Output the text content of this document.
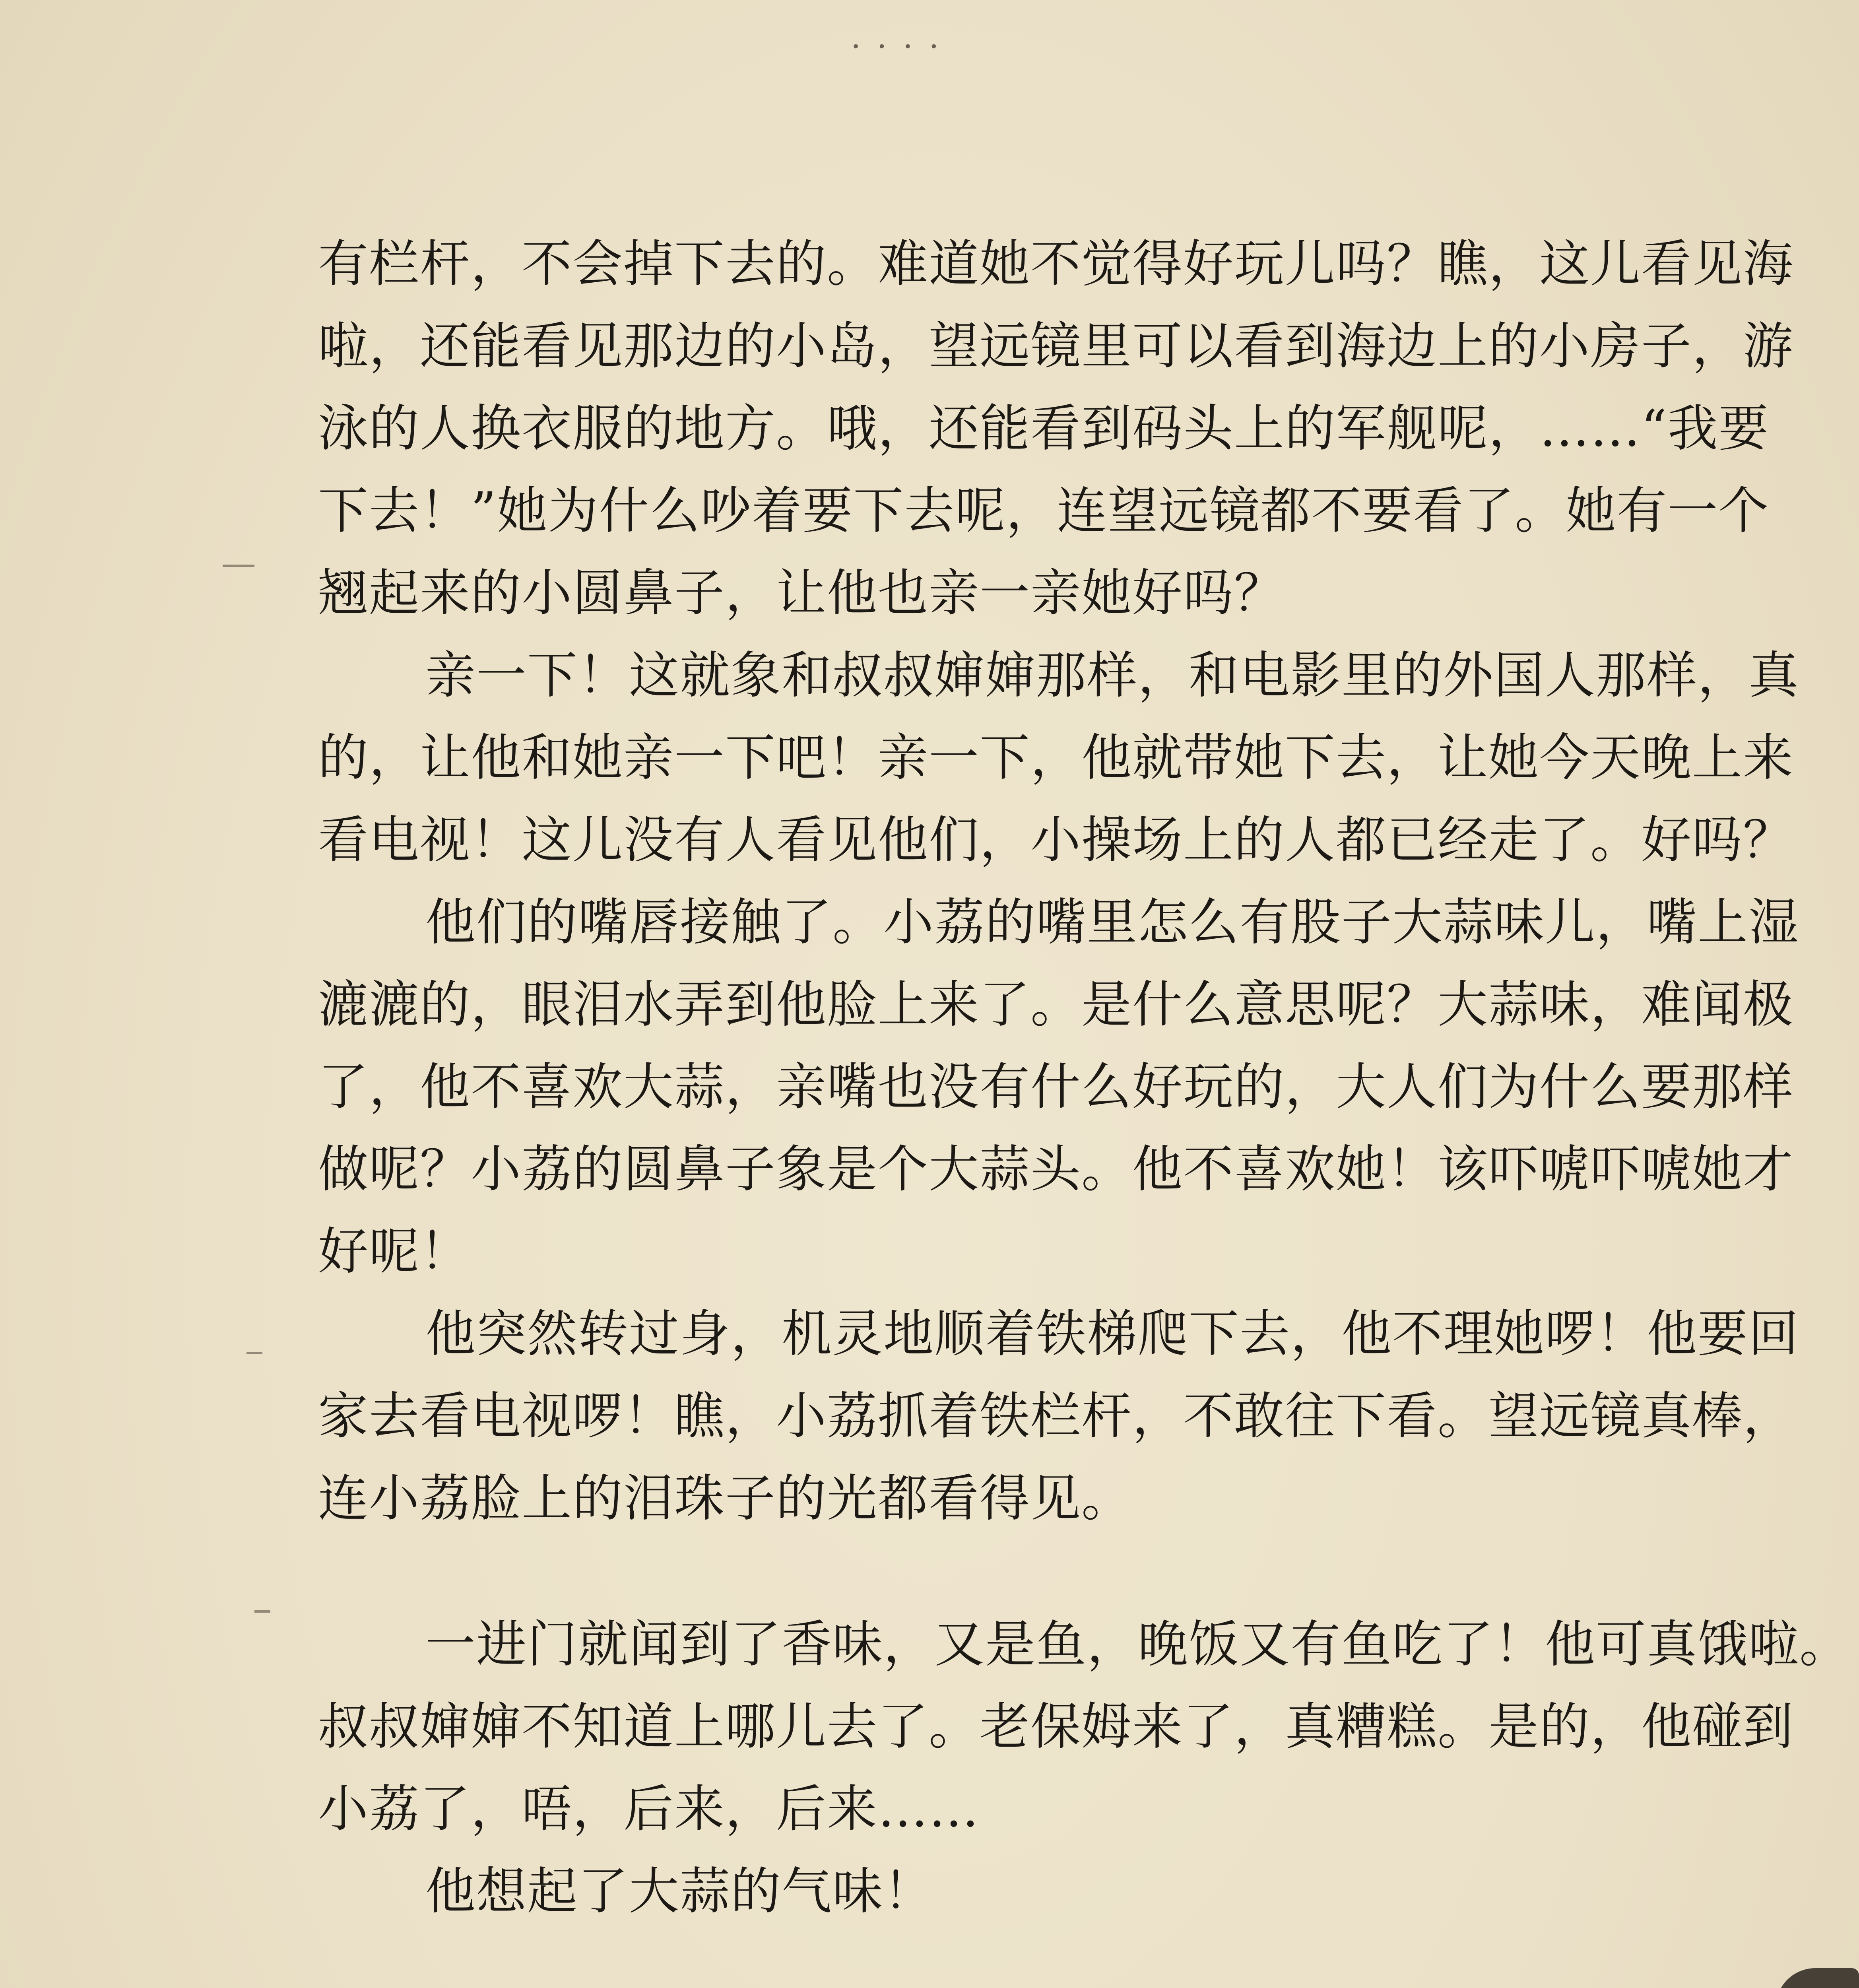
····

有栏杆，不会掉下去的。难道她不觉得好玩儿吗？瞧，这儿看见海
啦，还能看见那边的小岛，望远镜里可以看到海边上的小房子，游
泳的人换衣服的地方。哦，还能看到码头上的军舰呢，……“我要
下去！”她为什么吵着要下去呢，连望远镜都不要看了。她有一个
翘起来的小圆鼻子，让他也亲一亲她好吗？

亲一下！这就象和叔叔婶婶那样，和电影里的外国人那样，真
的，让他和她亲一下吧！亲一下，他就带她下去，让她今天晚上来
看电视！这儿没有人看见他们，小操场上的人都已经走了。好吗？

他们的嘴唇接触了。小荔的嘴里怎么有股子大蒜味儿，嘴上湿
漉漉的，眼泪水弄到他脸上来了。是什么意思呢？大蒜味，难闻极
了，他不喜欢大蒜，亲嘴也没有什么好玩的，大人们为什么要那样
做呢？小荔的圆鼻子象是个大蒜头。他不喜欢她！该吓唬吓唬她才
好呢！

他突然转过身，机灵地顺着铁梯爬下去，他不理她啰！他要回
家去看电视啰！瞧，小荔抓着铁栏杆，不敢往下看。望远镜真棒，
连小荔脸上的泪珠子的光都看得见。

一进门就闻到了香味，又是鱼，晚饭又有鱼吃了！他可真饿啦。
叔叔婶婶不知道上哪儿去了。老保姆来了，真糟糕。是的，他碰到
小荔了，唔，后来，后来……

他想起了大蒜的气味！
